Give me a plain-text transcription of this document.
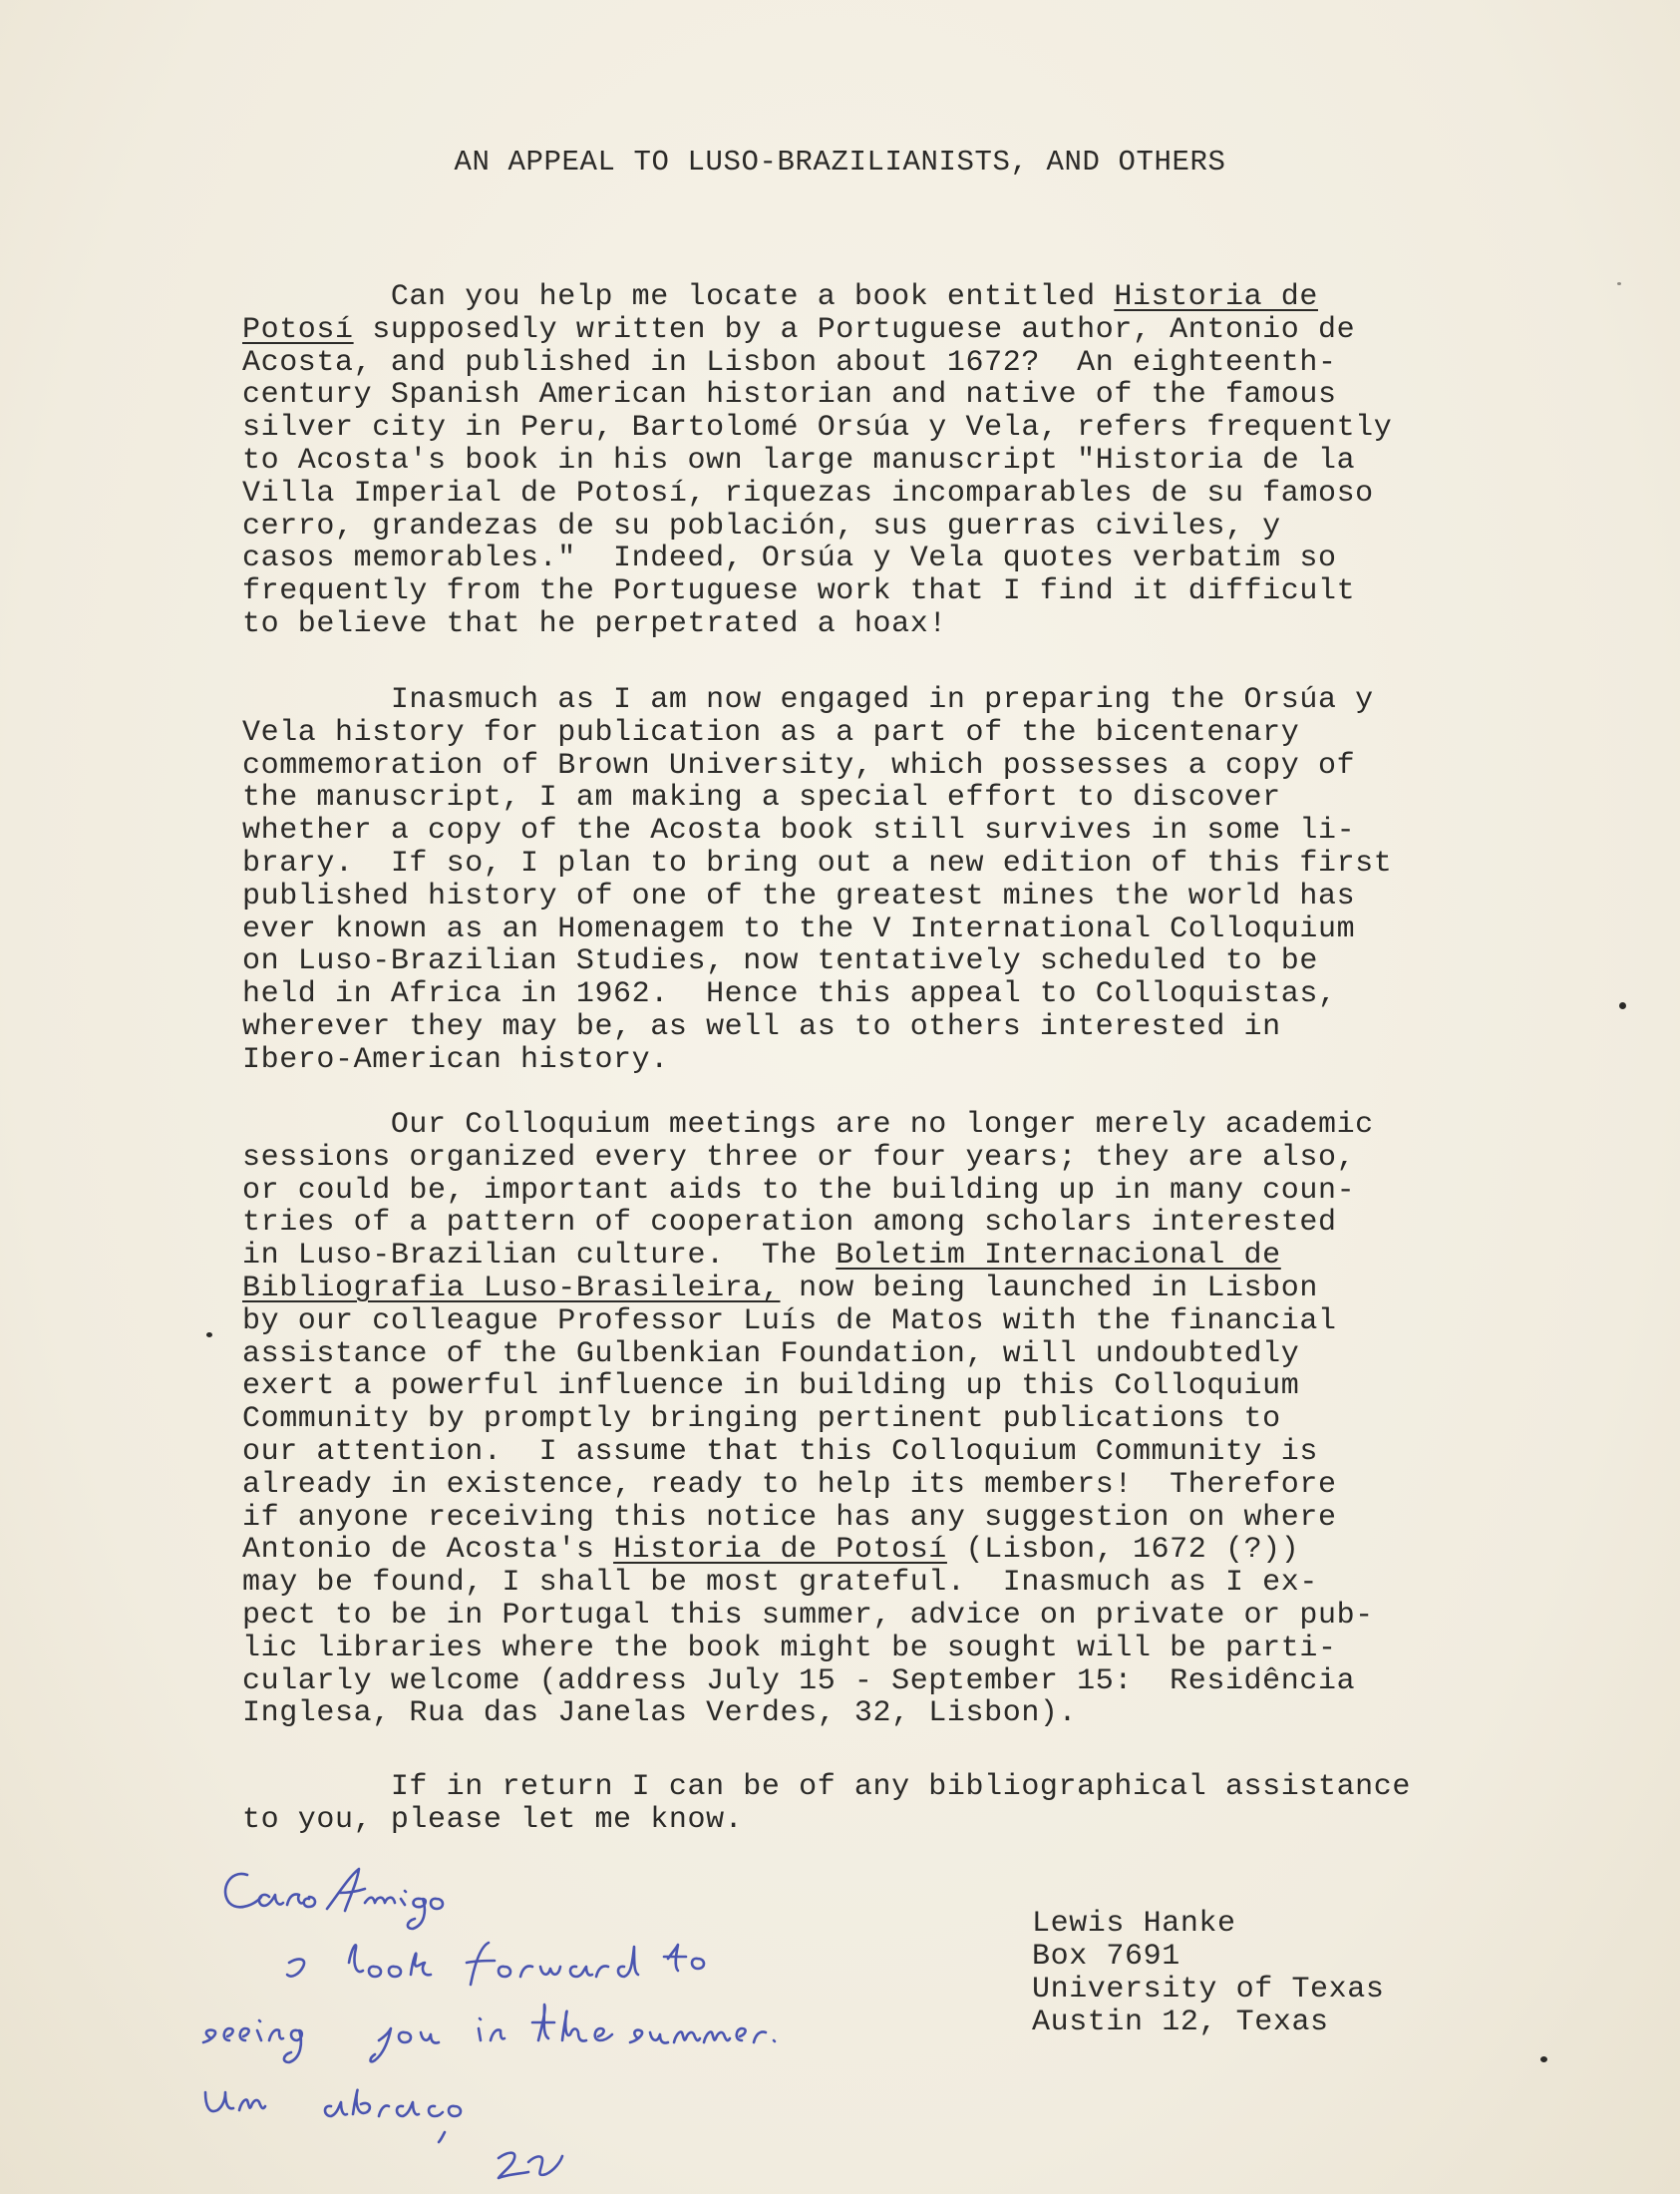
AN APPEAL TO LUSO-BRAZILIANISTS, AND OTHERS

Can you help me locate a book entitled Historia de

Potosí supposedly written by a Portuguese author, Antonio de

Acosta, and published in Lisbon about 1672?  An eighteenth-

century Spanish American historian and native of the famous

silver city in Peru, Bartolomé Orsúa y Vela, refers frequently

to Acosta's book in his own large manuscript "Historia de la

Villa Imperial de Potosí, riquezas incomparables de su famoso

cerro, grandezas de su población, sus guerras civiles, y

casos memorables."  Indeed, Orsúa y Vela quotes verbatim so

frequently from the Portuguese work that I find it difficult

to believe that he perpetrated a hoax!

Inasmuch as I am now engaged in preparing the Orsúa y

Vela history for publication as a part of the bicentenary

commemoration of Brown University, which possesses a copy of

the manuscript, I am making a special effort to discover

whether a copy of the Acosta book still survives in some li-

brary.  If so, I plan to bring out a new edition of this first

published history of one of the greatest mines the world has

ever known as an Homenagem to the V International Colloquium

on Luso-Brazilian Studies, now tentatively scheduled to be

held in Africa in 1962.  Hence this appeal to Colloquistas,

wherever they may be, as well as to others interested in

Ibero-American history.

Our Colloquium meetings are no longer merely academic

sessions organized every three or four years; they are also,

or could be, important aids to the building up in many coun-

tries of a pattern of cooperation among scholars interested

in Luso-Brazilian culture.  The Boletim Internacional de

Bibliografia Luso-Brasileira, now being launched in Lisbon

by our colleague Professor Luís de Matos with the financial

assistance of the Gulbenkian Foundation, will undoubtedly

exert a powerful influence in building up this Colloquium

Community by promptly bringing pertinent publications to

our attention.  I assume that this Colloquium Community is

already in existence, ready to help its members!  Therefore

if anyone receiving this notice has any suggestion on where

Antonio de Acosta's Historia de Potosí (Lisbon, 1672 (?))

may be found, I shall be most grateful.  Inasmuch as I ex-

pect to be in Portugal this summer, advice on private or pub-

lic libraries where the book might be sought will be parti-

cularly welcome (address July 15 - September 15:  Residência

Inglesa, Rua das Janelas Verdes, 32, Lisbon).

If in return I can be of any bibliographical assistance

to you, please let me know.

Lewis Hanke
Box 7691
University of Texas
Austin 12, Texas
